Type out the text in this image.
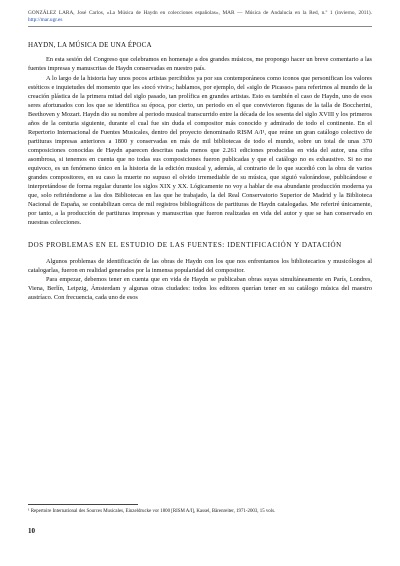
GONZÁLEZ LARA, José Carlos, «La Música de Haydn en colecciones españolas», MAR — Música de Andalucía en la Red, n.º 1 (invierno, 2011). http://mar.ugr.es
HAYDN, LA MÚSICA DE UNA ÉPOCA

En esta sesión del Congreso que celebramos en homenaje a dos grandes músicos, me propongo hacer un breve comentario a las fuentes impresas y manuscritas de Haydn conservadas en nuestro país.

A lo largo de la historia hay unos pocos artistas percibidos ya por sus contemporáneos como iconos que personifican los valores estéticos e inquietudes del momento que les «tocó vivir»; hablamos, por ejemplo, del «siglo de Picasso» para referirnos al mundo de la creación plástica de la primera mitad del siglo pasado, tan prolífica en grandes artistas. Esto es también el caso de Haydn, uno de esos seres afortunados con los que se identifica su época, por cierto, un periodo en el que convivieron figuras de la talla de Boccherini, Beethoven y Mozart. Haydn dio su nombre al periodo musical transcurrido entre la década de los sesenta del siglo XVIII y los primeros años de la centuria siguiente, durante el cual fue sin duda el compositor más conocido y admirado de todo el continente. En el Repertorio Internacional de Fuentes Musicales, dentro del proyecto denominado RISM A/I¹, que reúne un gran catálogo colectivo de partituras impresas anteriores a 1800 y conservadas en más de mil bibliotecas de todo el mundo, sobre un total de unas 370 composiciones conocidas de Haydn aparecen descritas nada menos que 2.261 ediciones producidas en vida del autor, una cifra asombrosa, si tenemos en cuenta que no todas sus composiciones fueron publicadas y que el catálogo no es exhaustivo. Si no me equivoco, es un fenómeno único en la historia de la edición musical y, además, al contrario de lo que sucedió con la obra de varios grandes compositores, en su caso la muerte no supuso el olvido irremediable de su música, que siguió valorándose, publicándose e interpretándose de forma regular durante los siglos XIX y XX. Lógicamente no voy a hablar de esa abundante producción moderna ya que, solo refiriéndome a las dos Bibliotecas en las que he trabajado, la del Real Conservatorio Superior de Madrid y la Biblioteca Nacional de España, se contabilizan cerca de mil registros bibliográficos de partituras de Haydn catalogadas. Me referiré únicamente, por tanto, a la producción de partituras impresas y manuscritas que fueron realizadas en vida del autor y que se han conservado en nuestras colecciones.

DOS PROBLEMAS EN EL ESTUDIO DE LAS FUENTES: IDENTIFICACIÓN Y DATACIÓN

Algunos problemas de identificación de las obras de Haydn con los que nos enfrentamos los bibliotecarios y musicólogos al catalogarlas, fueron en realidad generados por la inmensa popularidad del compositor.

Para empezar, debemos tener en cuenta que en vida de Haydn se publicaban obras suyas simultáneamente en París, Londres, Viena, Berlín, Leipzig, Ámsterdam y algunas otras ciudades: todos los editores querían tener en su catálogo música del maestro austríaco. Con frecuencia, cada uno de esos

¹ Repertoire International des Sources Musicales, Einzeldrucke vor 1800 [RISM A/I], Kassel, Bärenreiter, 1971-2003, 15 vols.
10
